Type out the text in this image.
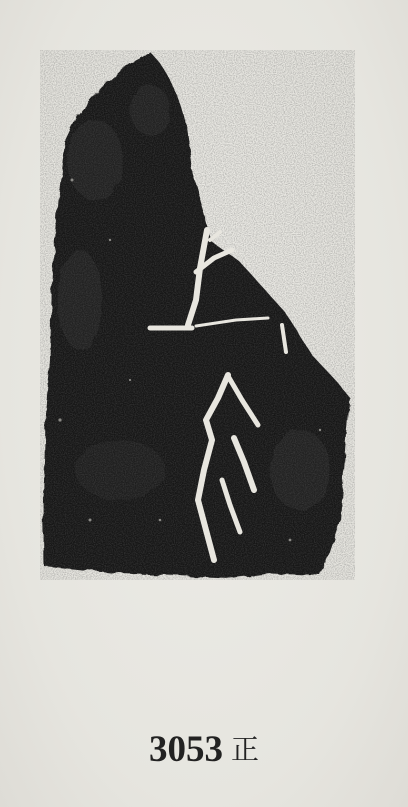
3053 正
